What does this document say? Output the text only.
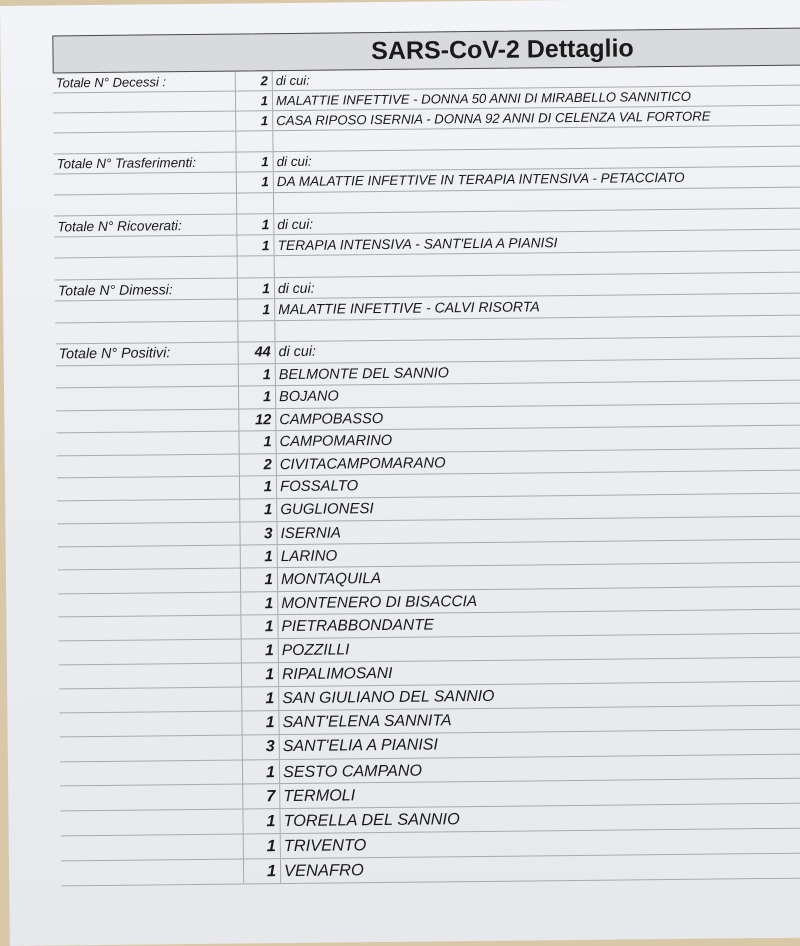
SARS-CoV-2 Dettaglio
Totale N° Decessi :	2 di cui:
1 MALATTIE INFETTIVE - DONNA 50 ANNI DI MIRABELLO SANNITICO
1 CASA RIPOSO ISERNIA - DONNA 92 ANNI DI CELENZA VAL FORTORE
Totale N° Trasferimenti:	1 di cui:
1 DA MALATTIE INFETTIVE IN TERAPIA INTENSIVA - PETACCIATO
Totale N° Ricoverati:	1 di cui:
1 TERAPIA INTENSIVA - SANT'ELIA A PIANISI
Totale N° Dimessi:	1 di cui:
1 MALATTIE INFETTIVE - CALVI RISORTA
Totale N° Positivi:	44 di cui:
1 BELMONTE DEL SANNIO
1 BOJANO
12 CAMPOBASSO
1 CAMPOMARINO
2 CIVITACAMPOMARANO
1 FOSSALTO
1 GUGLIONESI
3 ISERNIA
1 LARINO
1 MONTAQUILA
1 MONTENERO DI BISACCIA
1 PIETRABBONDANTE
1 POZZILLI
1 RIPALIMOSANI
1 SAN GIULIANO DEL SANNIO
1 SANT'ELENA SANNITA
3 SANT'ELIA A PIANISI
1 SESTO CAMPANO
7 TERMOLI
1 TORELLA DEL SANNIO
1 TRIVENTO
1 VENAFRO
